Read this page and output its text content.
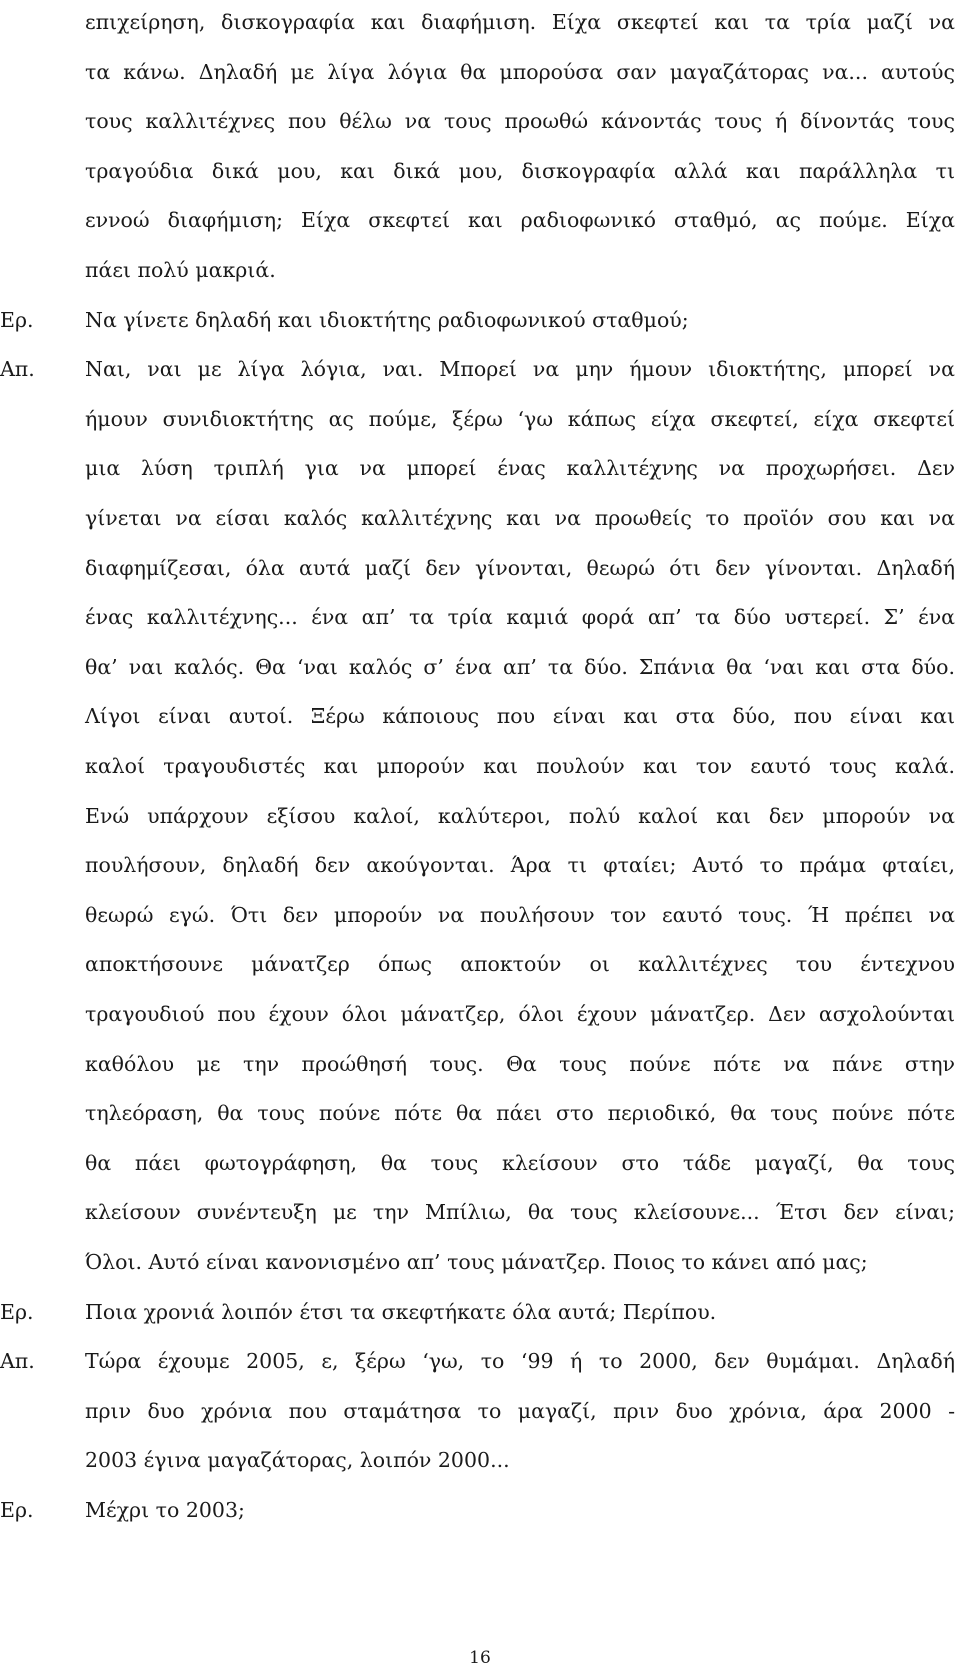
επιχείρηση, δισκογραφία και διαφήμιση. Είχα σκεφτεί και τα τρία μαζί να
τα κάνω. Δηλαδή με λίγα λόγια θα μπορούσα σαν μαγαζάτορας να... αυτούς
τους καλλιτέχνες που θέλω να τους προωθώ κάνοντάς τους ή δίνοντάς τους
τραγούδια δικά μου, και δικά μου, δισκογραφία αλλά και παράλληλα τι
εννοώ διαφήμιση; Είχα σκεφτεί και ραδιοφωνικό σταθμό, ας πούμε. Είχα
πάει πολύ μακριά.
Ερ.	Να γίνετε δηλαδή και ιδιοκτήτης ραδιοφωνικού σταθμού;
Απ. Ναι, ναι με λίγα λόγια, ναι. Μπορεί να μην ήμουν ιδιοκτήτης, μπορεί να
ήμουν συνιδιοκτήτης ας πούμε, ξέρω ‘γω κάπως είχα σκεφτεί, είχα σκεφτεί
μια λύση τριπλή για να μπορεί ένας καλλιτέχνης να προχωρήσει. Δεν
γίνεται να είσαι καλός καλλιτέχνης και να προωθείς το προϊόν σου και να
διαφημίζεσαι, όλα αυτά μαζί δεν γίνονται, θεωρώ ότι δεν γίνονται. Δηλαδή
ένας καλλιτέχνης... ένα απ’ τα τρία καμιά φορά απ’ τα δύο υστερεί. Σ’ ένα
θα’ ναι καλός. Θα ‘ναι καλός σ’ ένα απ’ τα δύο. Σπάνια θα ‘ναι και στα δύο.
Λίγοι είναι αυτοί. Ξέρω κάποιους που είναι και στα δύο, που είναι και
καλοί τραγουδιστές και μπορούν και πουλούν και τον εαυτό τους καλά.
Ενώ υπάρχουν εξίσου καλοί, καλύτεροι, πολύ καλοί και δεν μπορούν να
πουλήσουν, δηλαδή δεν ακούγονται. Άρα τι φταίει; Αυτό το πράμα φταίει,
θεωρώ εγώ. Ότι δεν μπορούν να πουλήσουν τον εαυτό τους. Ή πρέπει να
αποκτήσουνε μάνατζερ όπως αποκτούν οι καλλιτέχνες του έντεχνου
τραγουδιού που έχουν όλοι μάνατζερ, όλοι έχουν μάνατζερ. Δεν ασχολούνται
καθόλου με την προώθησή τους. Θα τους πούνε πότε να πάνε στην
τηλεόραση, θα τους πούνε πότε θα πάει στο περιοδικό, θα τους πούνε πότε
θα πάει φωτογράφηση, θα τους κλείσουν στο τάδε μαγαζί, θα τους
κλείσουν συνέντευξη με την Μπίλιω, θα τους κλείσουνε... Έτσι δεν είναι;
Όλοι. Αυτό είναι κανονισμένο απ’ τους μάνατζερ. Ποιος το κάνει από μας;
Ερ.	Ποια χρονιά λοιπόν έτσι τα σκεφτήκατε όλα αυτά; Περίπου.
Απ. Τώρα έχουμε 2005, ε, ξέρω ‘γω, το ‘99 ή το 2000, δεν θυμάμαι. Δηλαδή
πριν δυο χρόνια που σταμάτησα το μαγαζί, πριν δυο χρόνια, άρα 2000 -
2003 έγινα μαγαζάτορας, λοιπόν 2000...
Ερ.	Μέχρι το 2003;
16
